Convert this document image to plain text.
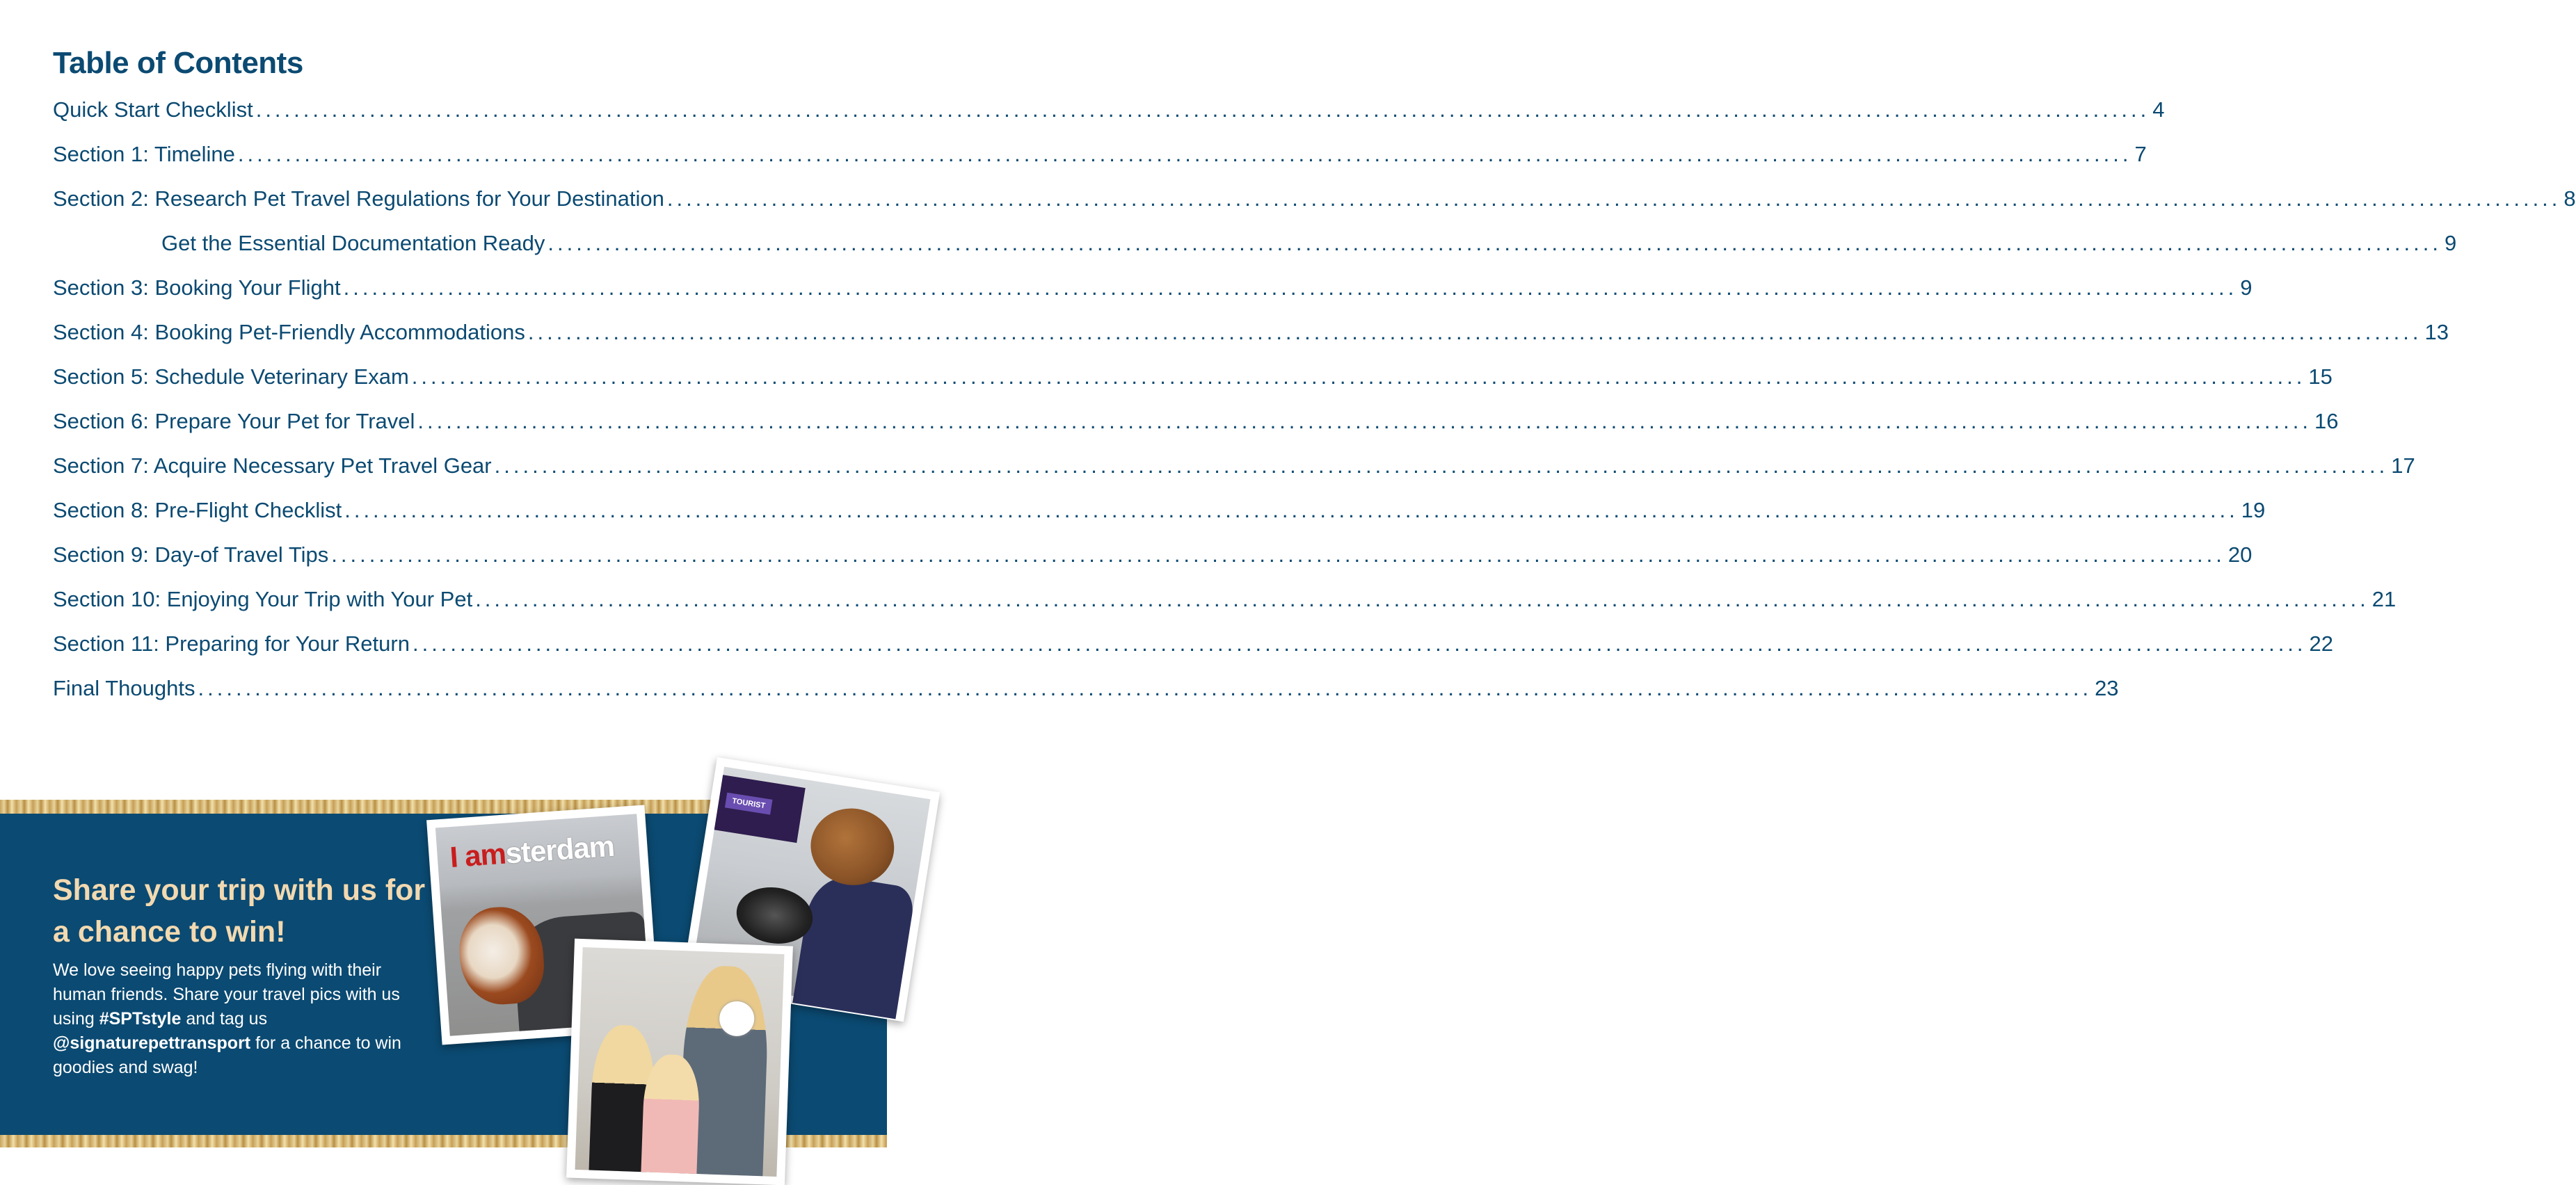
Table of Contents
Quick Start Checklist ........................................................................................................................................................................................................ 4
Section 1: Timeline ........................................................................................................................................................................................................ 7
Section 2: Research Pet Travel Regulations for Your Destination ........................................................................................................................................................................................................ 8
Get the Essential Documentation Ready ........................................................................................................................................................................................................ 9
Section 3: Booking Your Flight ........................................................................................................................................................................................................ 9
Section 4: Booking Pet-Friendly Accommodations ........................................................................................................................................................................................................ 13
Section 5: Schedule Veterinary Exam ........................................................................................................................................................................................................ 15
Section 6: Prepare Your Pet for Travel ........................................................................................................................................................................................................ 16
Section 7: Acquire Necessary Pet Travel Gear ........................................................................................................................................................................................................ 17
Section 8: Pre-Flight Checklist ........................................................................................................................................................................................................ 19
Section 9: Day-of Travel Tips ........................................................................................................................................................................................................ 20
Section 10: Enjoying Your Trip with Your Pet ........................................................................................................................................................................................................ 21
Section 11: Preparing for Your Return ........................................................................................................................................................................................................ 22
Final Thoughts ........................................................................................................................................................................................................ 23
Share your trip with us for a chance to win!

We love seeing happy pets flying with their human friends. Share your travel pics with us using #SPTstyle and tag us @signaturepettransport for a chance to win goodies and swag!

I amsterdam
TOURIST
